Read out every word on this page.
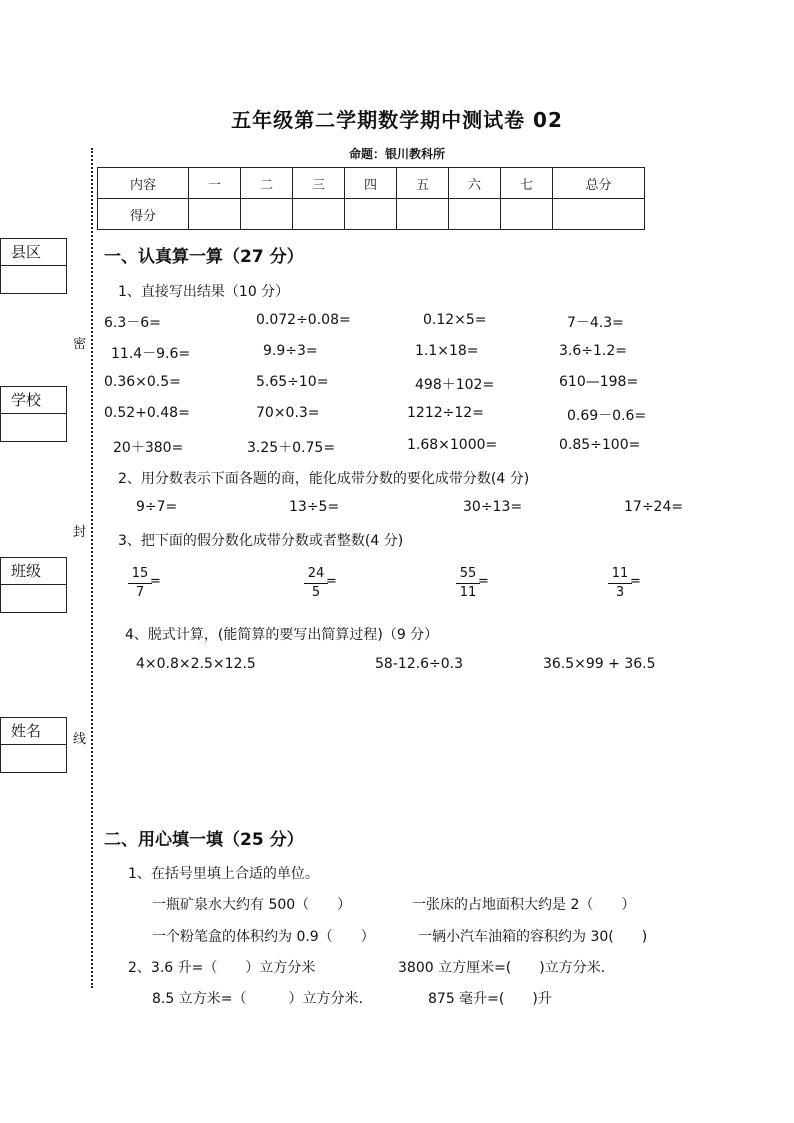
五年级第二学期数学期中测试卷 02
命题：银川教科所
内容	一	二	三	四	五	六	七	总分
得分								
县区
学校
班级
姓名
密
封
线
一、认真算一算（27 分）
1、直接写出结果（10 分）
6.3－6=	0.072÷0.08=	0.12×5=	7－4.3=
11.4－9.6=	9.9÷3=	1.1×18=	3.6÷1.2=
0.36×0.5=	5.65÷10=	498＋102=	610—198=
0.52+0.48=	70×0.3=	1212÷12=	0.69－0.6=
20＋380=	3.25＋0.75=	1.68×1000=	0.85÷100=
2、用分数表示下面各题的商，能化成带分数的要化成带分数(4 分)
9÷7=	13÷5=	30÷13=	17÷24=
3、把下面的假分数化成带分数或者整数(4 分)
15
7
=
24
5
=
55
11
=
11
3
=
4、脱式计算，(能简算的要写出简算过程)（9 分）
4×0.8×2.5×12.5	58-12.6÷0.3	36.5×99 + 36.5
二、用心填一填（25 分）
1、在括号里填上合适的单位。
一瓶矿泉水大约有 500（　　）	一张床的占地面积大约是 2（　　）
一个粉笔盒的体积约为 0.9（　　）	一辆小汽车油箱的容积约为 30(　　)
2、3.6 升=（　　）立方分米	3800 立方厘米=(　　)立方分米.
8.5 立方米=（　　　）立方分米.	875 毫升=(　　)升
